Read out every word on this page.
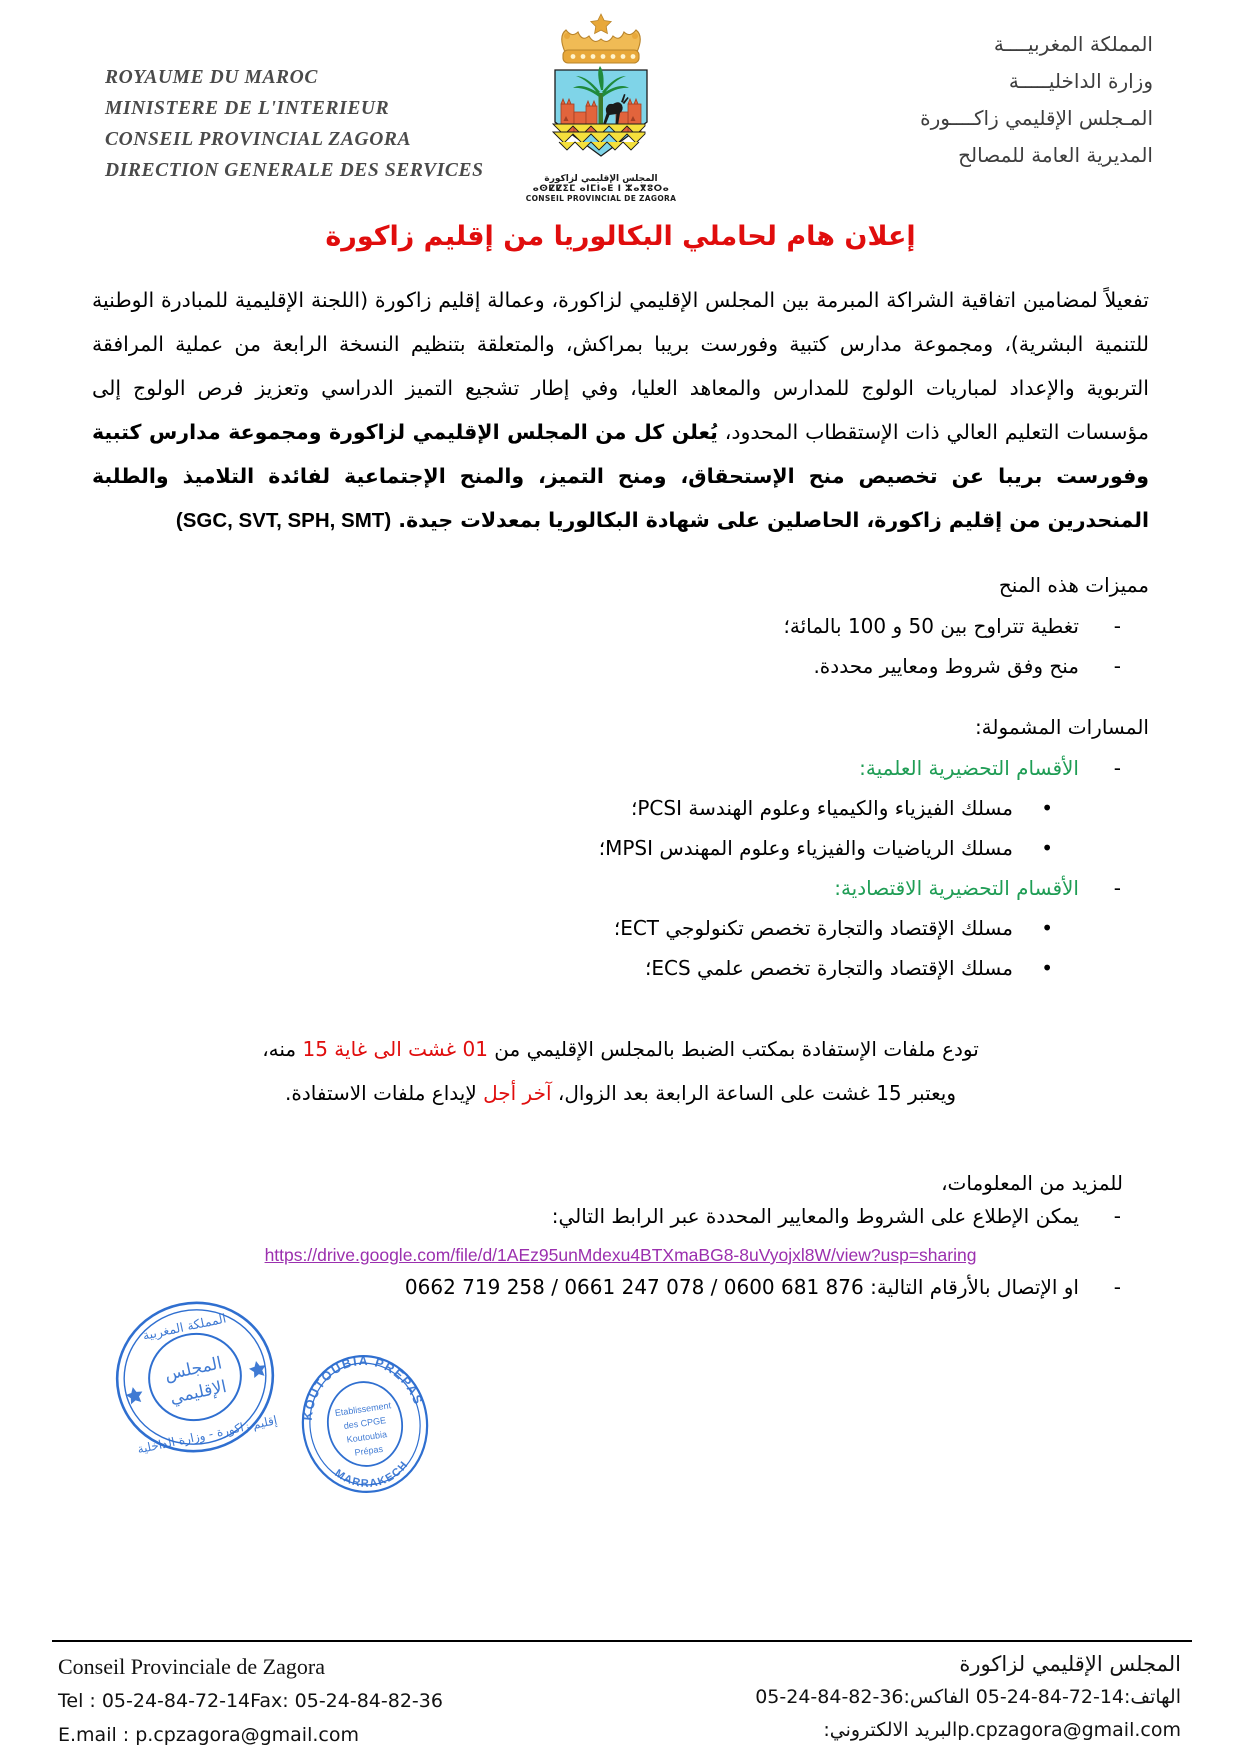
ROYAUME DU MAROC
MINISTERE DE L'INTERIEUR
CONSEIL PROVINCIAL ZAGORA
DIRECTION GENERALE DES SERVICES
المملكة المغربيــــة
وزارة الداخليـــــة
المـجلس الإقليمي زاكــــورة
المديرية العامة للمصالح
المجلس الإقليمي لزاكورة
ⴰⵙⵇⵇⵉⵎ ⴰⵏⵎⵏⴰⴹ ⵏ ⵣⴰⴳⵓⵔⴰ
CONSEIL PROVINCIAL DE ZAGORA
إعلان هام لحاملي البكالوريا من إقليم زاكورة
تفعيلاً لمضامين اتفاقية الشراكة المبرمة بين المجلس الإقليمي لزاكورة، وعمالة إقليم زاكورة (اللجنة الإقليمية للمبادرة الوطنية للتنمية البشرية)، ومجموعة مدارس كتبية وفورست بريبا بمراكش، والمتعلقة بتنظيم النسخة الرابعة من عملية المرافقة التربوية والإعداد لمباريات الولوج للمدارس والمعاهد العليا، وفي إطار تشجيع التميز الدراسي وتعزيز فرص الولوج إلى مؤسسات التعليم العالي ذات الإستقطاب المحدود، يُعلن كل من المجلس الإقليمي لزاكورة ومجموعة مدارس كتبية وفورست بريبا عن تخصيص منح الإستحقاق، ومنح التميز، والمنح الإجتماعية لفائدة التلاميذ والطلبة المنحدرين من إقليم زاكورة، الحاصلين على شهادة البكالوريا بمعدلات جيدة. (SGC, SVT, SPH, SMT)
مميزات هذه المنح
- تغطية تتراوح بين 50 و 100 بالمائة؛
- منح وفق شروط ومعايير محددة.
المسارات المشمولة:
- الأقسام التحضيرية العلمية:
• مسلك الفيزياء والكيمياء وعلوم الهندسة PCSI؛
• مسلك الرياضيات والفيزياء وعلوم المهندس MPSI؛
- الأقسام التحضيرية الاقتصادية:
• مسلك الإقتصاد والتجارة تخصص تكنولوجي ECT؛
• مسلك الإقتصاد والتجارة تخصص علمي ECS؛
تودع ملفات الإستفادة بمكتب الضبط بالمجلس الإقليمي من 01 غشت الى غاية 15 منه،
ويعتبر 15 غشت على الساعة الرابعة بعد الزوال، آخر أجل لإيداع ملفات الاستفادة.
للمزيد من المعلومات،
- يمكن الإطلاع على الشروط والمعايير المحددة عبر الرابط التالي:
https://drive.google.com/file/d/1AEz95unMdexu4BTXmaBG8-8uVyojxl8W/view?usp=sharing
- او الإتصال بالأرقام التالية: 0662 719 258 / 0661 247 078 / 0600 681 876
المملكة المغربية
المجلس
الإقليمي
إقليم زاكورة - وزارة الداخلية	KOUTOUBIA PREPAS
MARRAKECH
Etablissement
des CPGE
Koutoubia
Prépas
Conseil Provinciale de Zagora
Tel : 05-24-84-72-14Fax: 05-24-84-82-36
E.mail : p.cpzagora@gmail.com
المجلس الإقليمي لزاكورة
الهاتف:05-24-84-72-14 الفاكس:05-24-84-82-36
p.cpzagora@gmail.comالبريد الالكتروني:
